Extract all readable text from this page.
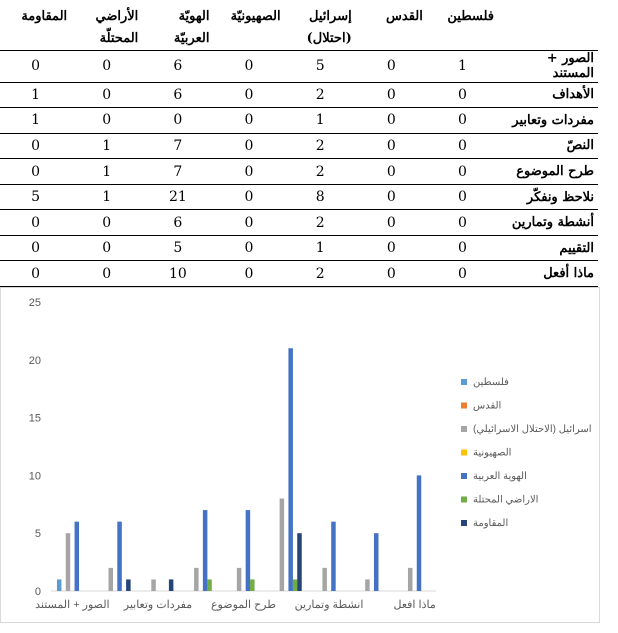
	فلسطين	القدس	إسرائيل (احتلال)	الصهيونيّة	الهويّة العربيّة	الأراضي المحتلّة	المقاومة
الصور + المستند	1	0	5	0	6	0	0
الأهداف	0	0	2	0	6	0	1
مفردات وتعابير	0	0	1	0	0	0	1
النصّ	0	0	2	0	7	1	0
طرح الموضوع	0	0	2	0	7	1	0
نلاحظ ونفكّر	0	0	8	0	21	1	5
أنشطة وتمارين	0	0	2	0	6	0	0
التقييم	0	0	1	0	5	0	0
ماذا أفعل	0	0	2	0	10	0	0
0
5
10
15
20
25
الصور + المستند مفردات وتعابير طرح الموضوع انشطة وتمارين	ماذا افعل
فلسطين
القدس
اسرائيل (الاحتلال الاسرائيلي)
الصهيونية
الهوية العربية
الاراضي المحتلة
المقاومة
